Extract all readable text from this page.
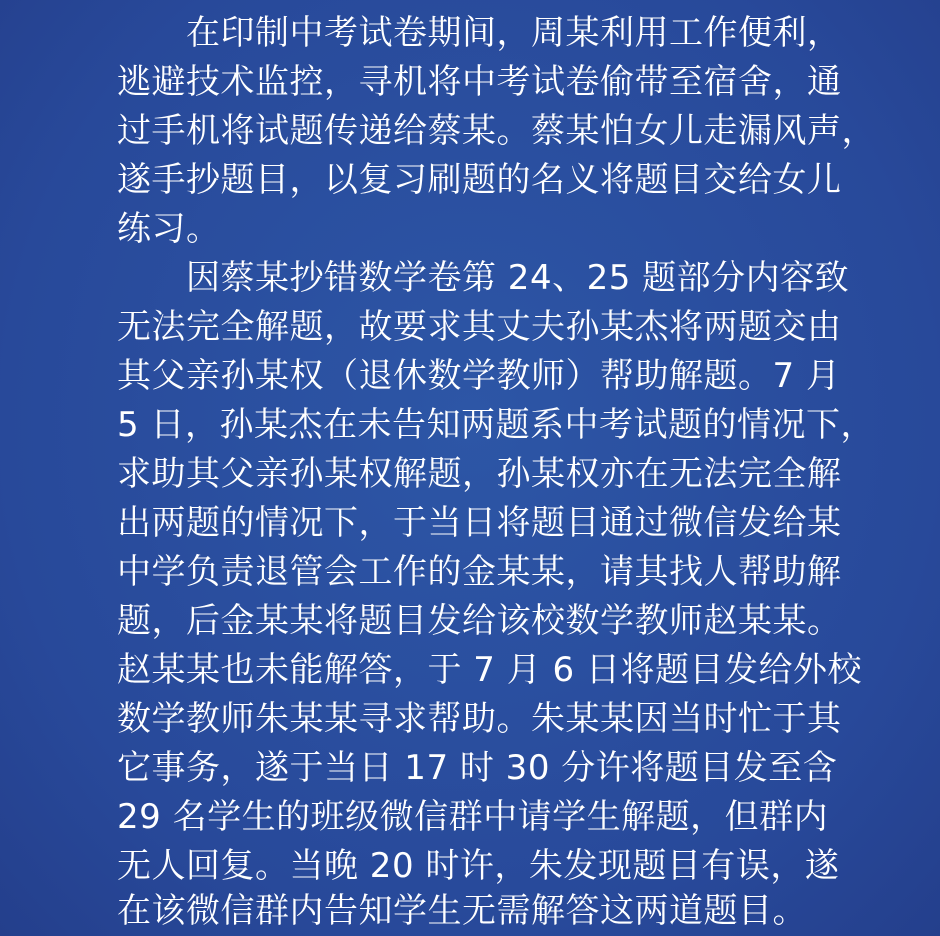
　　在印制中考试卷期间，周某利用工作便利，
逃避技术监控，寻机将中考试卷偷带至宿舍，通
过手机将试题传递给蔡某。蔡某怕女儿走漏风声，
遂手抄题目，以复习刷题的名义将题目交给女儿
练习。
　　因蔡某抄错数学卷第 24、25 题部分内容致
无法完全解题，故要求其丈夫孙某杰将两题交由
其父亲孙某权（退休数学教师）帮助解题。7 月
5 日，孙某杰在未告知两题系中考试题的情况下，
求助其父亲孙某权解题，孙某权亦在无法完全解
出两题的情况下，于当日将题目通过微信发给某
中学负责退管会工作的金某某，请其找人帮助解
题，后金某某将题目发给该校数学教师赵某某。
赵某某也未能解答，于 7 月 6 日将题目发给外校
数学教师朱某某寻求帮助。朱某某因当时忙于其
它事务，遂于当日 17 时 30 分许将题目发至含
29 名学生的班级微信群中请学生解题，但群内
无人回复。当晚 20 时许，朱发现题目有误，遂
在该微信群内告知学生无需解答这两道题目。
